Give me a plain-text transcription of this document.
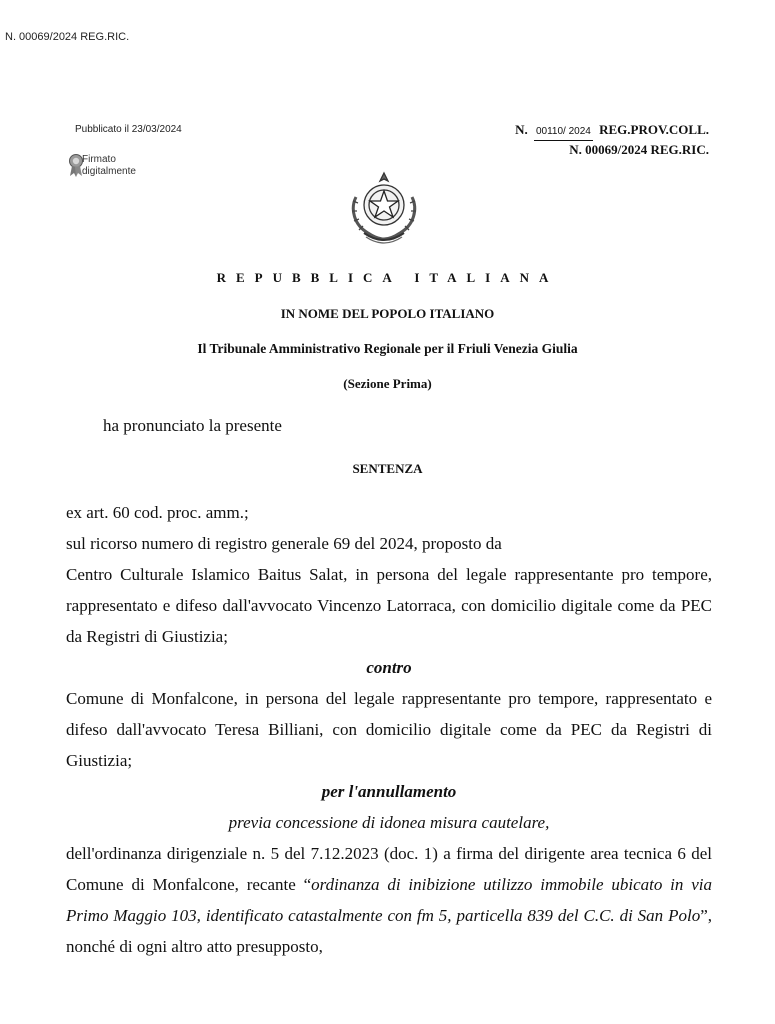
N. 00069/2024 REG.RIC.
Pubblicato il 23/03/2024
Firmato
digitalmente
N. 00110/ 2024 REG.PROV.COLL.
N. 00069/2024 REG.RIC.
REPUBBLICA ITALIANA
IN NOME DEL POPOLO ITALIANO
Il Tribunale Amministrativo Regionale per il Friuli Venezia Giulia
(Sezione Prima)
ha pronunciato la presente
SENTENZA

ex art. 60 cod. proc. amm.;

sul ricorso numero di registro generale 69 del 2024, proposto da

Centro Culturale Islamico Baitus Salat, in persona del legale rappresentante pro tempore, rappresentato e difeso dall'avvocato Vincenzo Latorraca, con domicilio digitale come da PEC da Registri di Giustizia;

contro

Comune di Monfalcone, in persona del legale rappresentante pro tempore, rappresentato e difeso dall'avvocato Teresa Billiani, con domicilio digitale come da PEC da Registri di Giustizia;

per l'annullamento

previa concessione di idonea misura cautelare,

dell'ordinanza dirigenziale n. 5 del 7.12.2023 (doc. 1) a firma del dirigente area tecnica 6 del Comune di Monfalcone, recante “ordinanza di inibizione utilizzo immobile ubicato in via Primo Maggio 103, identificato catastalmente con fm 5, particella 839 del C.C. di San Polo”, nonché di ogni altro atto presupposto,
